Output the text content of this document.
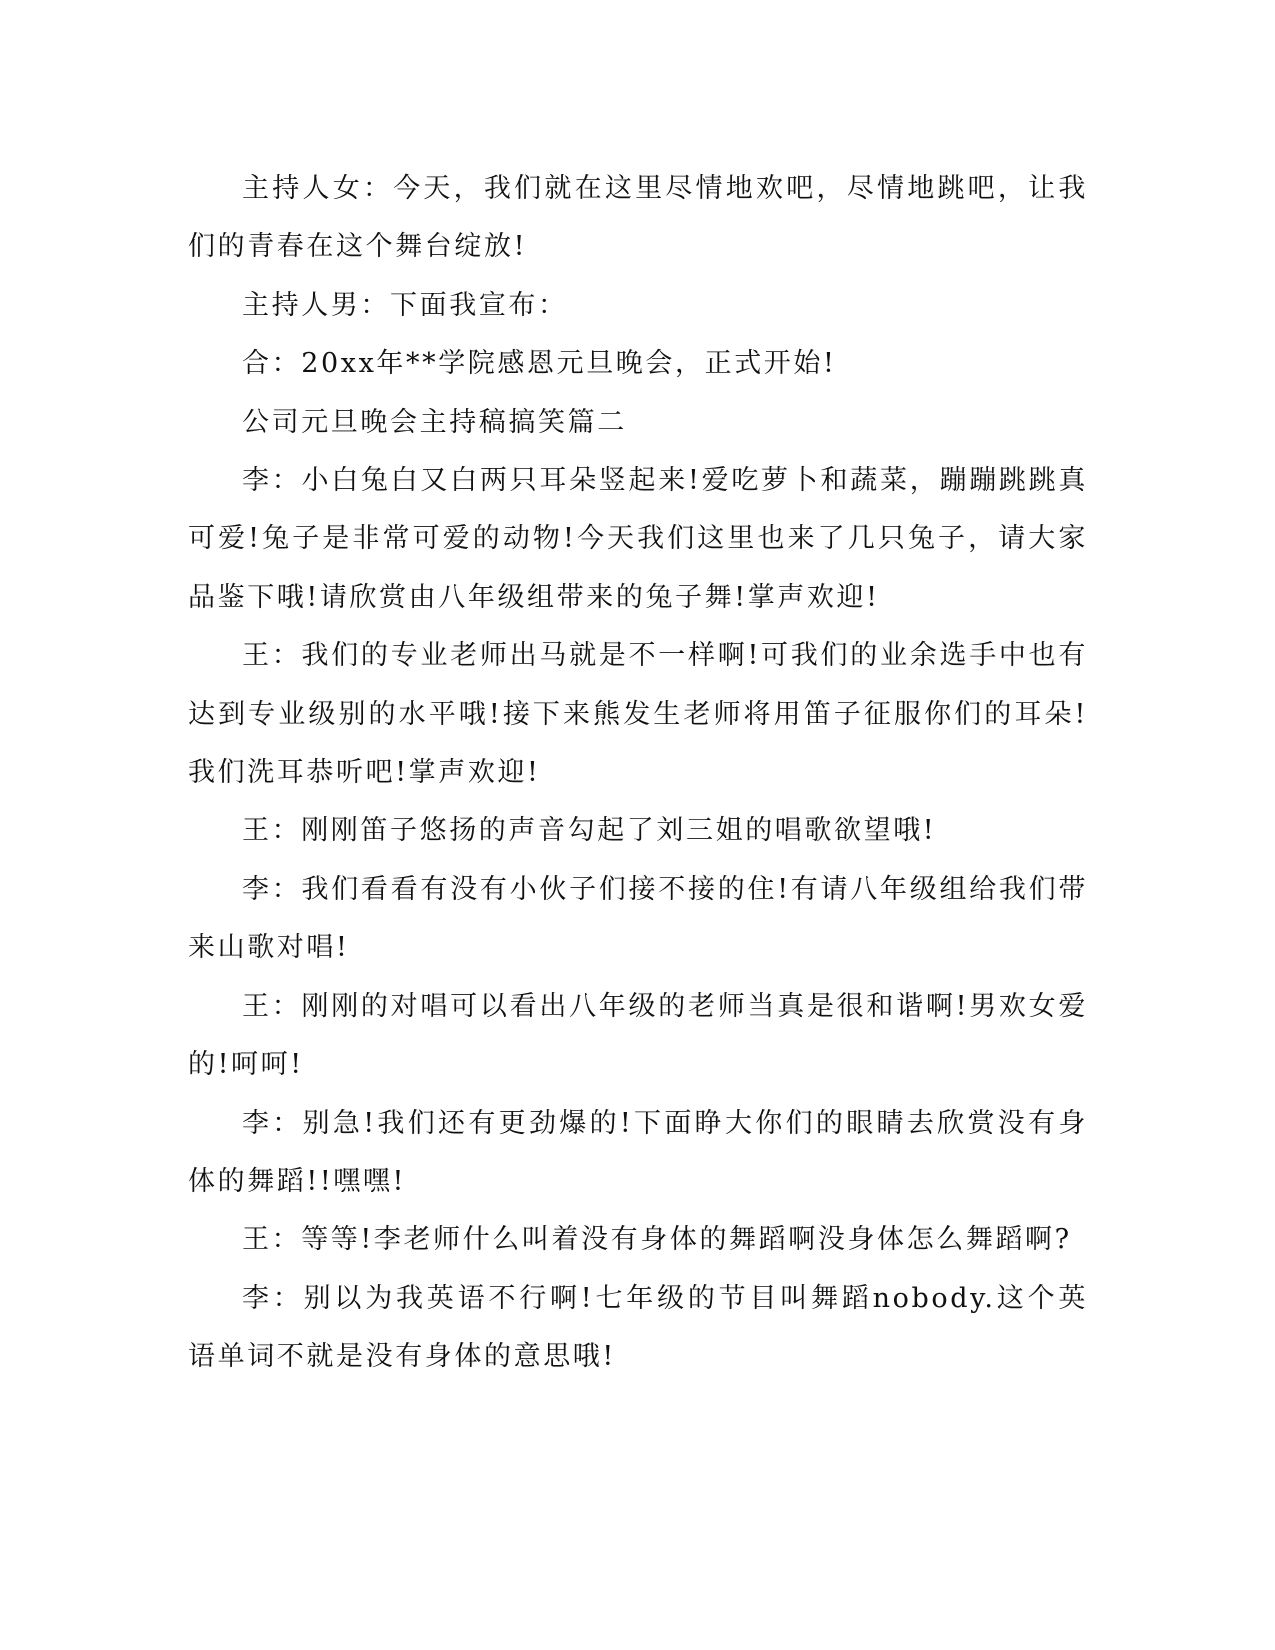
主持人女：今天，我们就在这里尽情地欢吧，尽情地跳吧，让我们的青春在这个舞台绽放!

主持人男：下面我宣布：

合：20xx年**学院感恩元旦晚会，正式开始!

公司元旦晚会主持稿搞笑篇二

李：小白兔白又白两只耳朵竖起来!爱吃萝卜和蔬菜，蹦蹦跳跳真可爱!兔子是非常可爱的动物!今天我们这里也来了几只兔子，请大家品鉴下哦!请欣赏由八年级组带来的兔子舞!掌声欢迎!

王：我们的专业老师出马就是不一样啊!可我们的业余选手中也有达到专业级别的水平哦!接下来熊发生老师将用笛子征服你们的耳朵!我们洗耳恭听吧!掌声欢迎!

王：刚刚笛子悠扬的声音勾起了刘三姐的唱歌欲望哦!

李：我们看看有没有小伙子们接不接的住!有请八年级组给我们带来山歌对唱!

王：刚刚的对唱可以看出八年级的老师当真是很和谐啊!男欢女爱的!呵呵!

李：别急!我们还有更劲爆的!下面睁大你们的眼睛去欣赏没有身体的舞蹈!!嘿嘿!

王：等等!李老师什么叫着没有身体的舞蹈啊没身体怎么舞蹈啊?

李：别以为我英语不行啊!七年级的节目叫舞蹈nobody.这个英语单词不就是没有身体的意思哦!
